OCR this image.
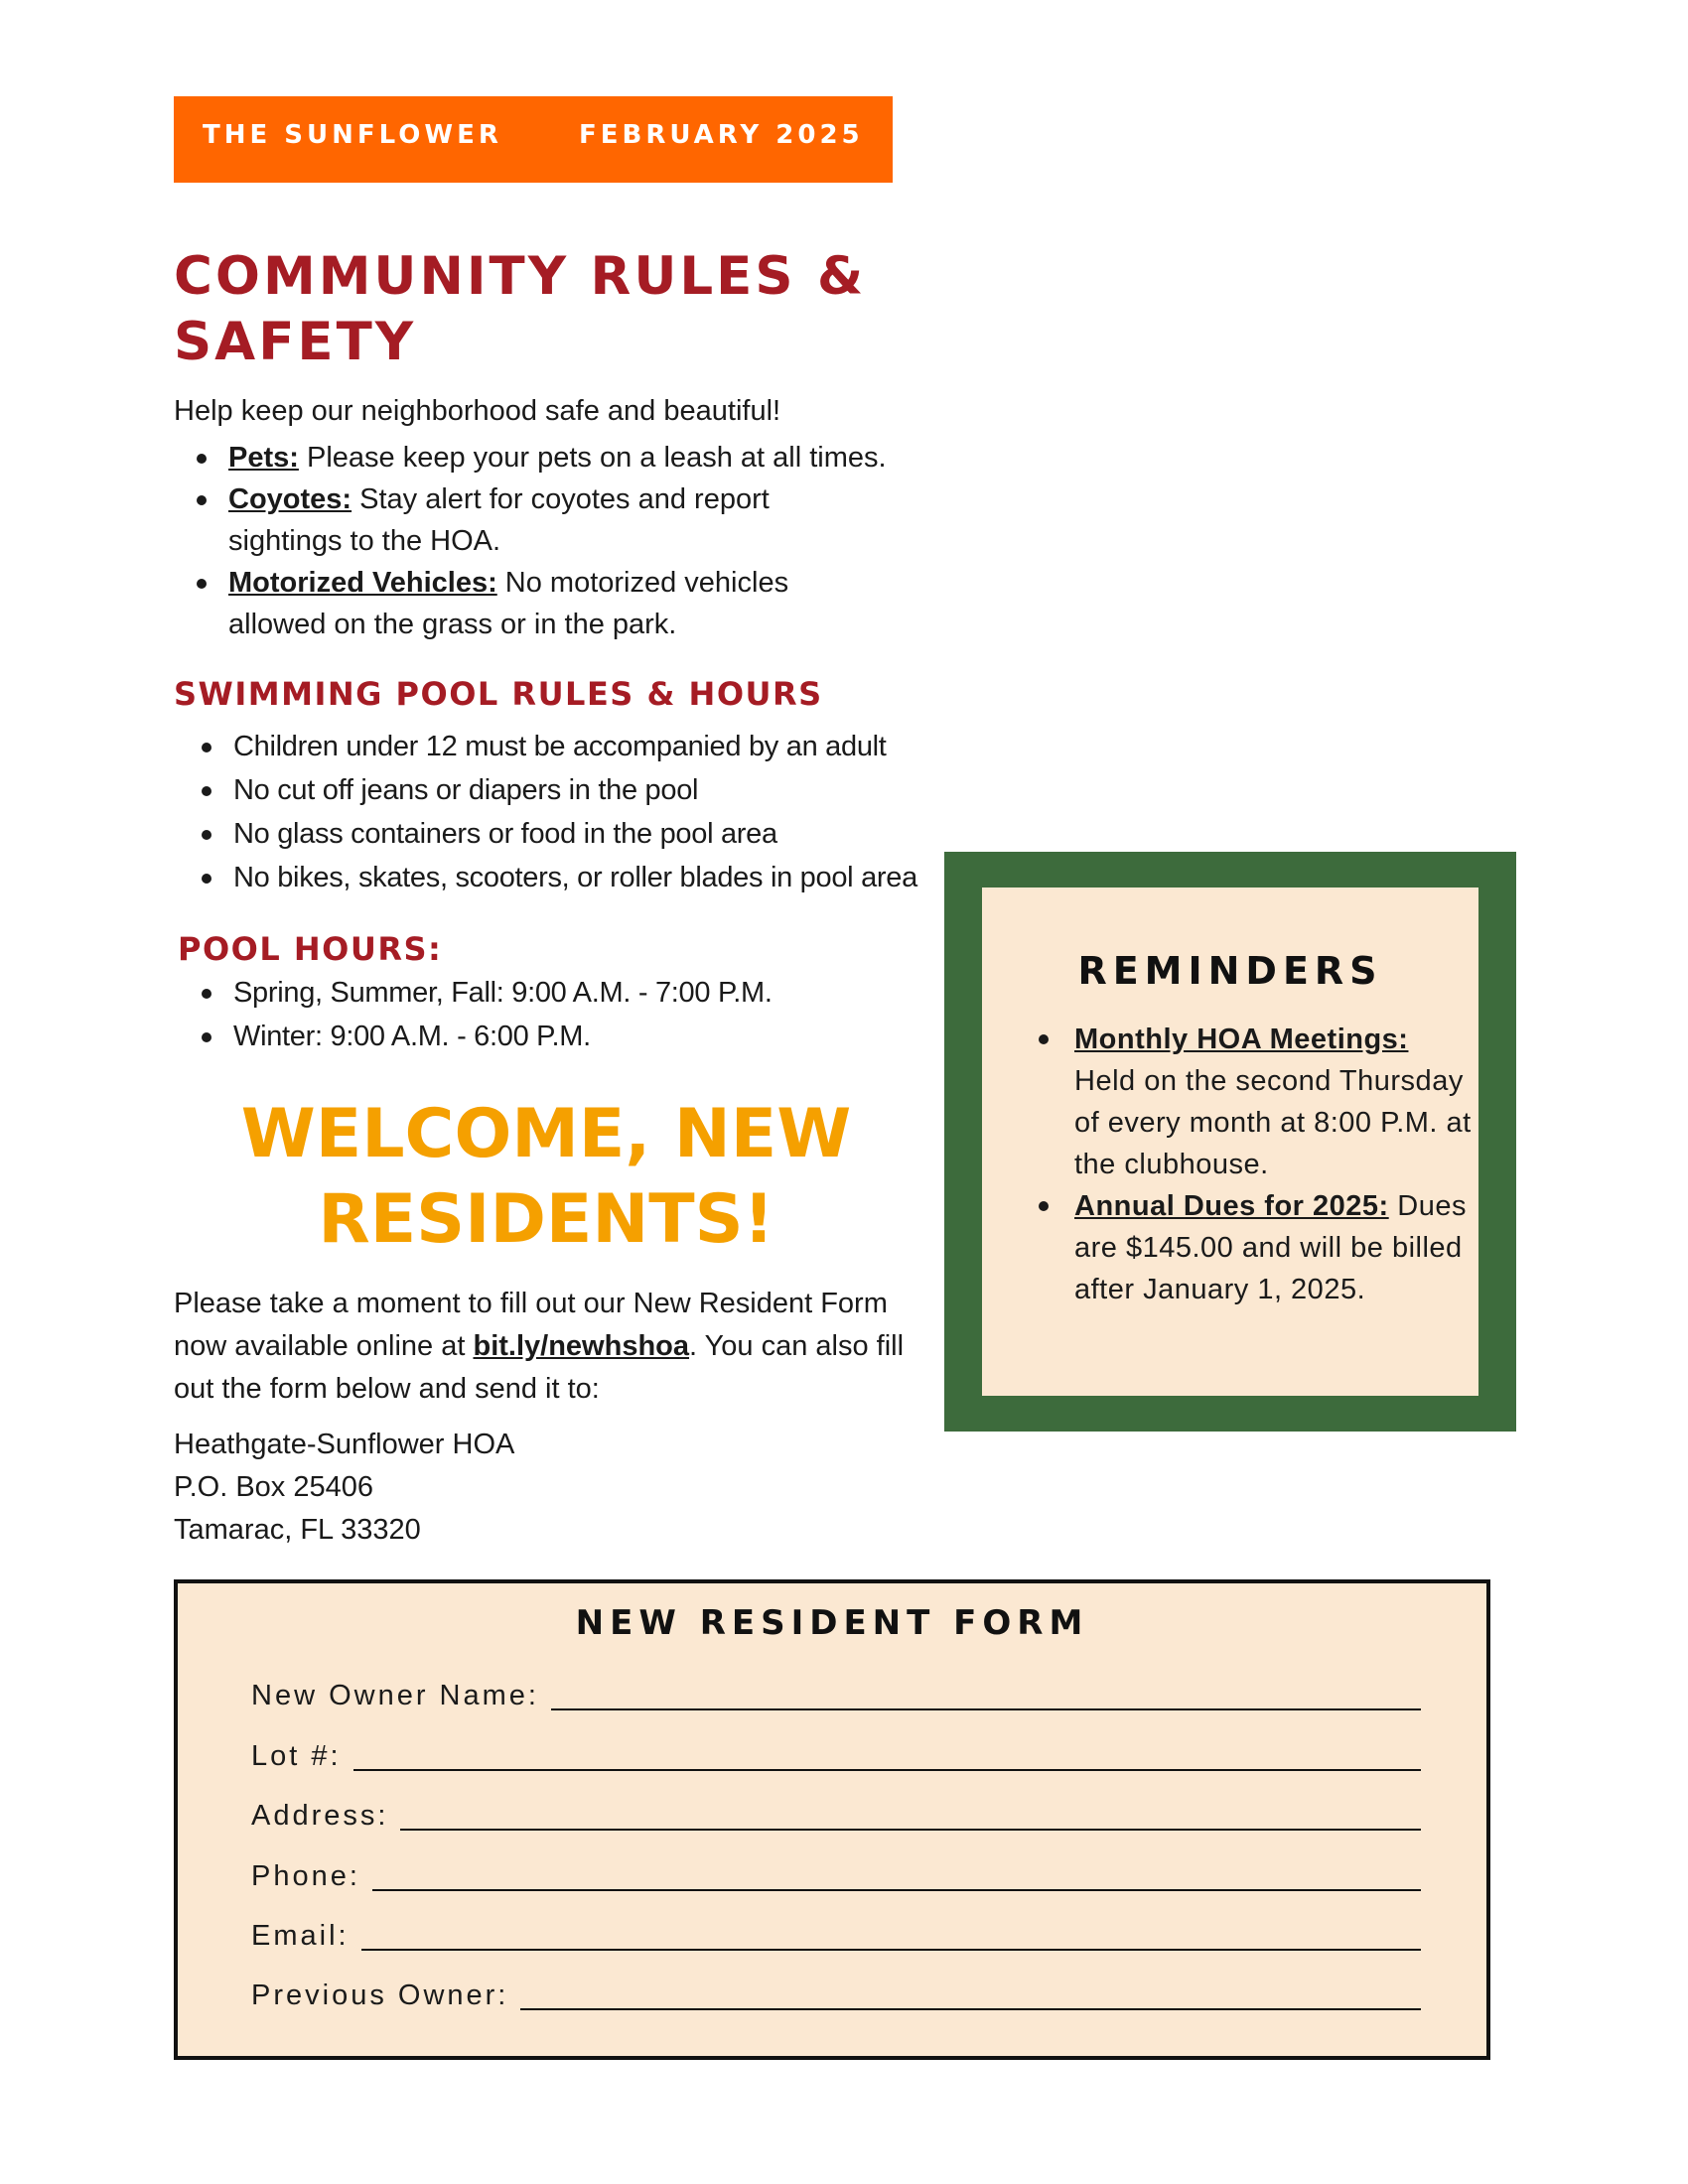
THE SUNFLOWER	FEBRUARY 2025
COMMUNITY RULES &
SAFETY

Help keep our neighborhood safe and beautiful!

Pets: Please keep your pets on a leash at all times.
Coyotes: Stay alert for coyotes and report sightings to the HOA.
Motorized Vehicles: No motorized vehicles allowed on the grass or in the park.
SWIMMING POOL RULES & HOURS
Children under 12 must be accompanied by an adult
No cut off jeans or diapers in the pool
No glass containers or food in the pool area
No bikes, skates, scooters, or roller blades in pool area
POOL HOURS:
Spring, Summer, Fall: 9:00 A.M. - 7:00 P.M.
Winter: 9:00 A.M. - 6:00 P.M.
WELCOME, NEW
RESIDENTS!

Please take a moment to fill out our New Resident Form now available online at bit.ly/newhshoa. You can also fill out the form below and send it to:

Heathgate-Sunflower HOA
P.O. Box 25406
Tamarac, FL 33320
REMINDERS
Monthly HOA Meetings: Held on the second Thursday of every month at 8:00 P.M. at the clubhouse.
Annual Dues for 2025: Dues are $145.00 and will be billed after January 1, 2025.
NEW RESIDENT FORM
New Owner Name:
Lot #:
Address:
Phone:
Email:
Previous Owner:
